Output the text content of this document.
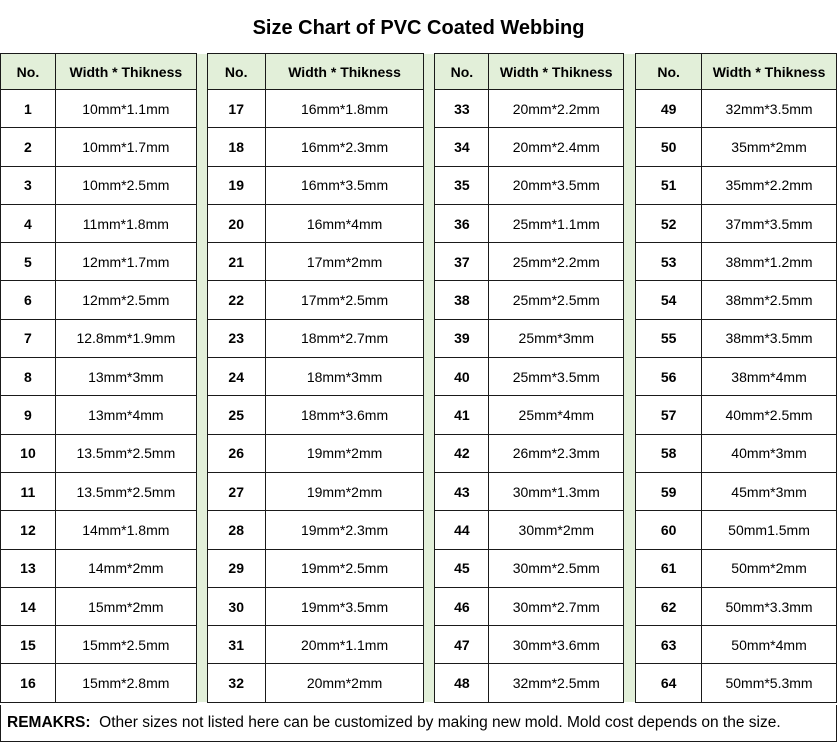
Size Chart of PVC Coated Webbing
No.	Width * Thikness		No.	Width * Thikness		No.	Width * Thikness		No.	Width * Thikness
1	10mm*1.1mm		17	16mm*1.8mm		33	20mm*2.2mm		49	32mm*3.5mm
2	10mm*1.7mm		18	16mm*2.3mm		34	20mm*2.4mm		50	35mm*2mm
3	10mm*2.5mm		19	16mm*3.5mm		35	20mm*3.5mm		51	35mm*2.2mm
4	11mm*1.8mm		20	16mm*4mm		36	25mm*1.1mm		52	37mm*3.5mm
5	12mm*1.7mm		21	17mm*2mm		37	25mm*2.2mm		53	38mm*1.2mm
6	12mm*2.5mm		22	17mm*2.5mm		38	25mm*2.5mm		54	38mm*2.5mm
7	12.8mm*1.9mm		23	18mm*2.7mm		39	25mm*3mm		55	38mm*3.5mm
8	13mm*3mm		24	18mm*3mm		40	25mm*3.5mm		56	38mm*4mm
9	13mm*4mm		25	18mm*3.6mm		41	25mm*4mm		57	40mm*2.5mm
10	13.5mm*2.5mm		26	19mm*2mm		42	26mm*2.3mm		58	40mm*3mm
11	13.5mm*2.5mm		27	19mm*2mm		43	30mm*1.3mm		59	45mm*3mm
12	14mm*1.8mm		28	19mm*2.3mm		44	30mm*2mm		60	50mm1.5mm
13	14mm*2mm		29	19mm*2.5mm		45	30mm*2.5mm		61	50mm*2mm
14	15mm*2mm		30	19mm*3.5mm		46	30mm*2.7mm		62	50mm*3.3mm
15	15mm*2.5mm		31	20mm*1.1mm		47	30mm*3.6mm		63	50mm*4mm
16	15mm*2.8mm		32	20mm*2mm		48	32mm*2.5mm		64	50mm*5.3mm
REMAKRS: Other sizes not listed here can be customized by making new mold. Mold cost depends on the size.
